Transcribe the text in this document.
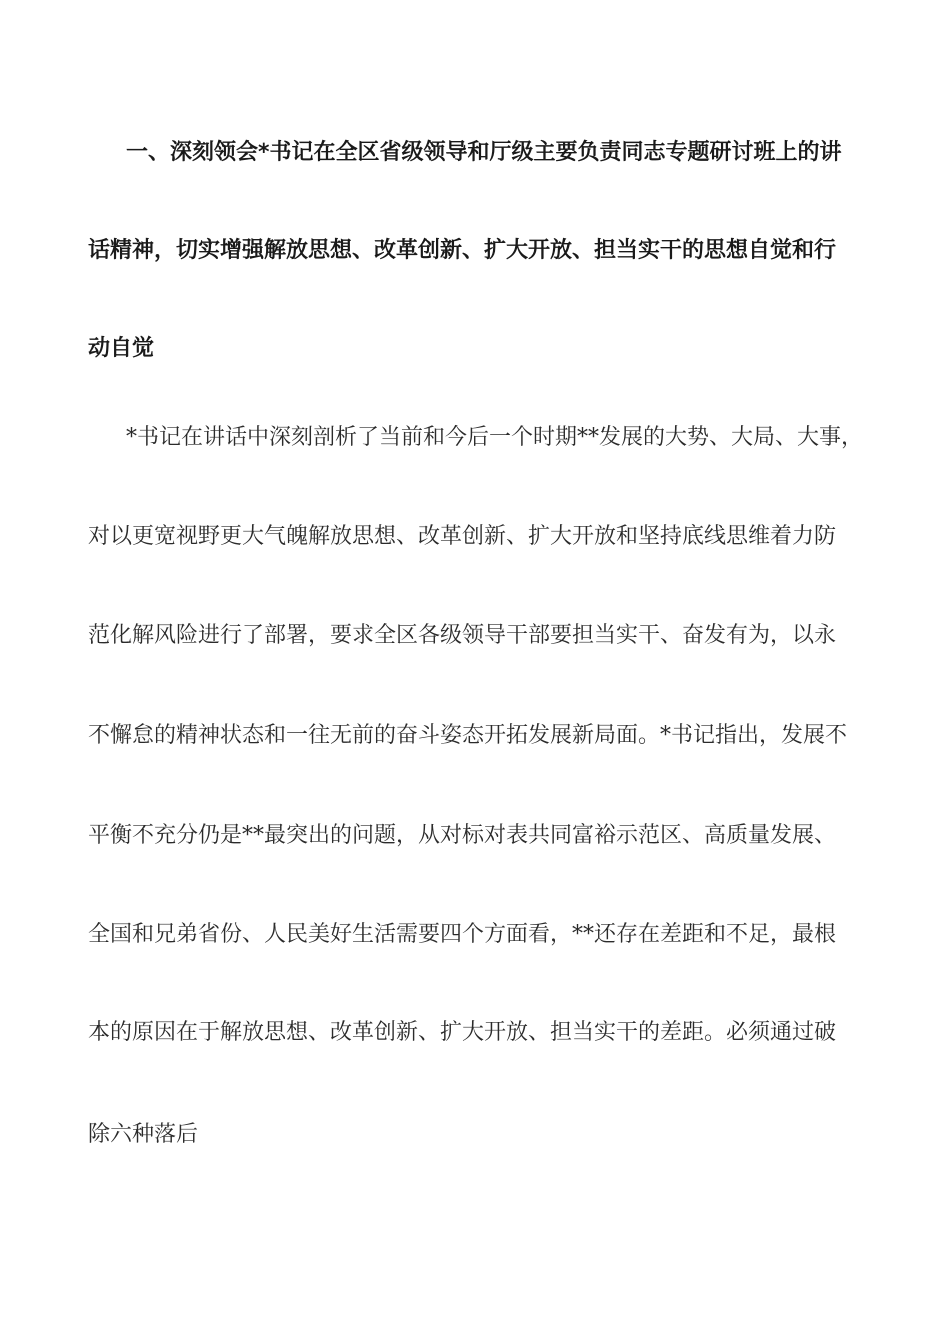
一、深刻领会*书记在全区省级领导和厅级主要负责同志专题研讨班上的讲
话精神，切实增强解放思想、改革创新、扩大开放、担当实干的思想自觉和行
动自觉
*书记在讲话中深刻剖析了当前和今后一个时期**发展的大势、大局、大事，
对以更宽视野更大气魄解放思想、改革创新、扩大开放和坚持底线思维着力防
范化解风险进行了部署，要求全区各级领导干部要担当实干、奋发有为，以永
不懈怠的精神状态和一往无前的奋斗姿态开拓发展新局面。*书记指出，发展不
平衡不充分仍是**最突出的问题，从对标对表共同富裕示范区、高质量发展、
全国和兄弟省份、人民美好生活需要四个方面看，**还存在差距和不足，最根
本的原因在于解放思想、改革创新、扩大开放、担当实干的差距。必须通过破
除六种落后
